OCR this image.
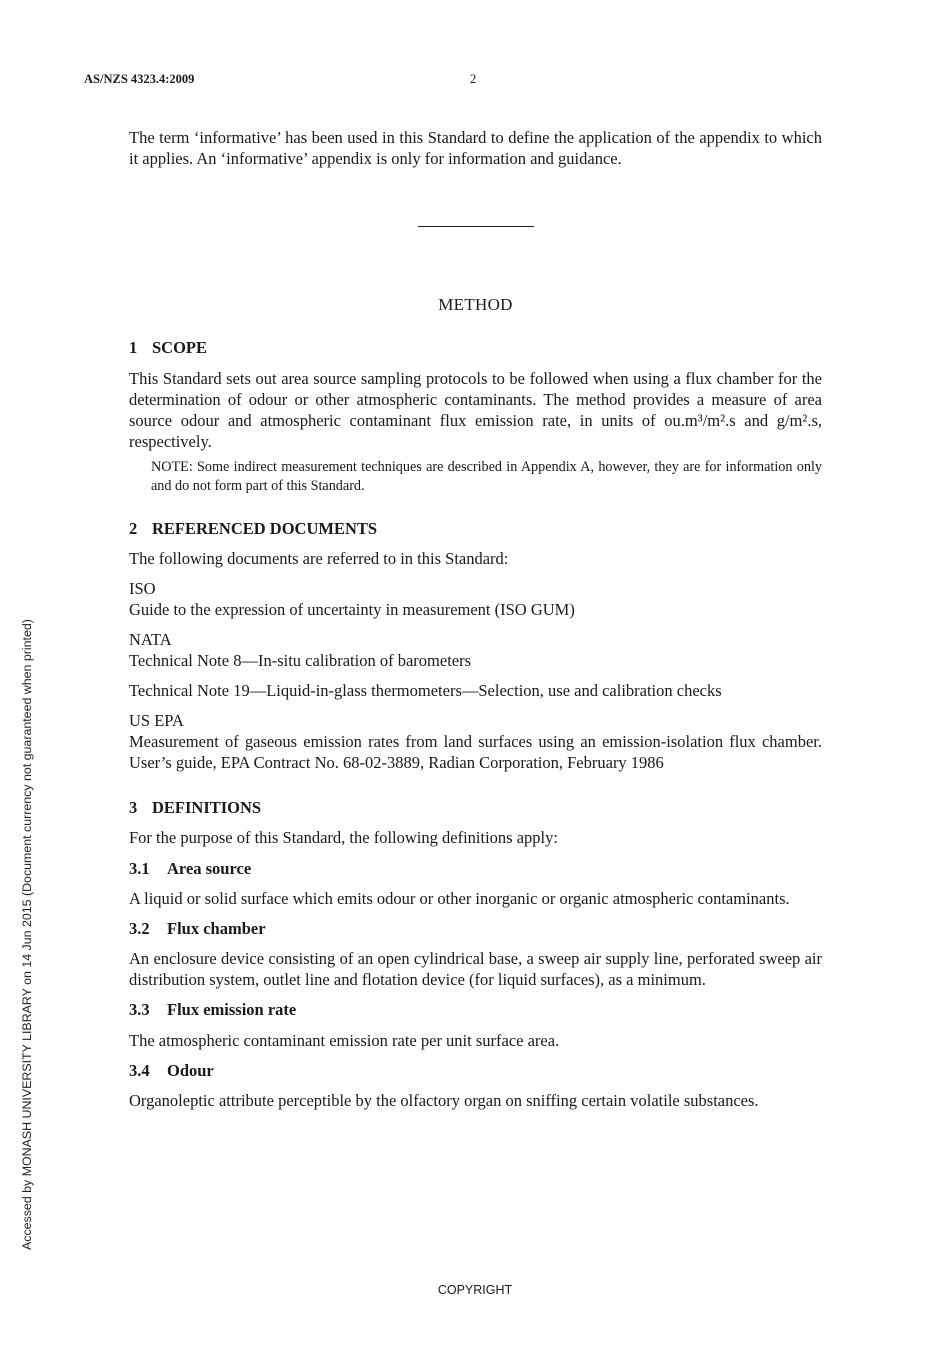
AS/NZS 4323.4:2009	2
Accessed by MONASH UNIVERSITY LIBRARY on 14 Jun 2015 (Document currency not guaranteed when printed)

The term ‘informative’ has been used in this Standard to define the application of the appendix to which it applies. An ‘informative’ appendix is only for information and guidance.

METHOD
1 SCOPE

This Standard sets out area source sampling protocols to be followed when using a flux chamber for the determination of odour or other atmospheric contaminants. The method provides a measure of area source odour and atmospheric contaminant flux emission rate, in units of ou.m³/m².s and g/m².s, respectively.

NOTE: Some indirect measurement techniques are described in Appendix A, however, they are for information only and do not form part of this Standard.

2 REFERENCED DOCUMENTS

The following documents are referred to in this Standard:

ISO
Guide to the expression of uncertainty in measurement (ISO GUM)
NATA
Technical Note 8—In-situ calibration of barometers
Technical Note 19—Liquid-in-glass thermometers—Selection, use and calibration checks
US EPA

Measurement of gaseous emission rates from land surfaces using an emission-isolation flux chamber. User’s guide, EPA Contract No. 68-02-3889, Radian Corporation, February 1986

3 DEFINITIONS

For the purpose of this Standard, the following definitions apply:

3.1 Area source

A liquid or solid surface which emits odour or other inorganic or organic atmospheric contaminants.

3.2 Flux chamber

An enclosure device consisting of an open cylindrical base, a sweep air supply line, perforated sweep air distribution system, outlet line and flotation device (for liquid surfaces), as a minimum.

3.3 Flux emission rate

The atmospheric contaminant emission rate per unit surface area.

3.4 Odour

Organoleptic attribute perceptible by the olfactory organ on sniffing certain volatile substances.

COPYRIGHT
